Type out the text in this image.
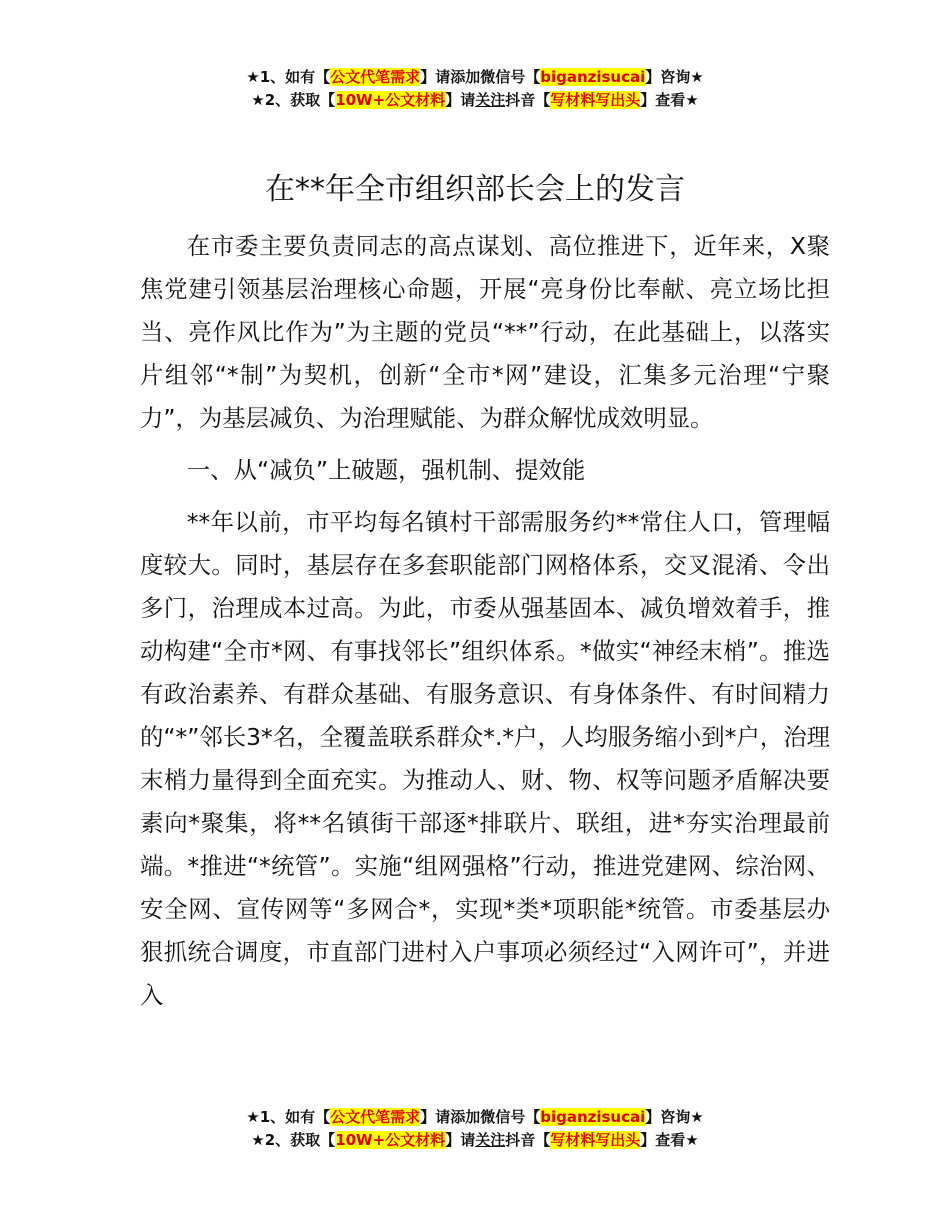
★1、如有【公文代笔需求】请添加微信号【biganzisucai】咨询★
★2、获取【10W+公文材料】请关注抖音【写材料写出头】查看★
在**年全市组织部长会上的发言

在市委主要负责同志的高点谋划、高位推进下，近年来，X聚焦党建引领基层治理核心命题，开展“亮身份比奉献、亮立场比担当、亮作风比作为”为主题的党员“**”行动，在此基础上，以落实片组邻“*制”为契机，创新“全市*网”建设，汇集多元治理“宁聚力”，为基层减负、为治理赋能、为群众解忧成效明显。

一、从“减负”上破题，强机制、提效能

**年以前，市平均每名镇村干部需服务约**常住人口，管理幅度较大。同时，基层存在多套职能部门网格体系，交叉混淆、令出多门，治理成本过高。为此，市委从强基固本、减负增效着手，推动构建“全市*网、有事找邻长”组织体系。*做实“神经末梢”。推选有政治素养、有群众基础、有服务意识、有身体条件、有时间精力的“*”邻长3*名，全覆盖联系群众*.*户，人均服务缩小到*户，治理末梢力量得到全面充实。为推动人、财、物、权等问题矛盾解决要素向*聚集，将**名镇街干部逐*排联片、联组，进*夯实治理最前端。*推进“*统管”。实施“组网强格”行动，推进党建网、综治网、安全网、宣传网等“多网合*，实现*类*项职能*统管。市委基层办狠抓统合调度，市直部门进村入户事项必须经过“入网许可”，并进入

★1、如有【公文代笔需求】请添加微信号【biganzisucai】咨询★
★2、获取【10W+公文材料】请关注抖音【写材料写出头】查看★
